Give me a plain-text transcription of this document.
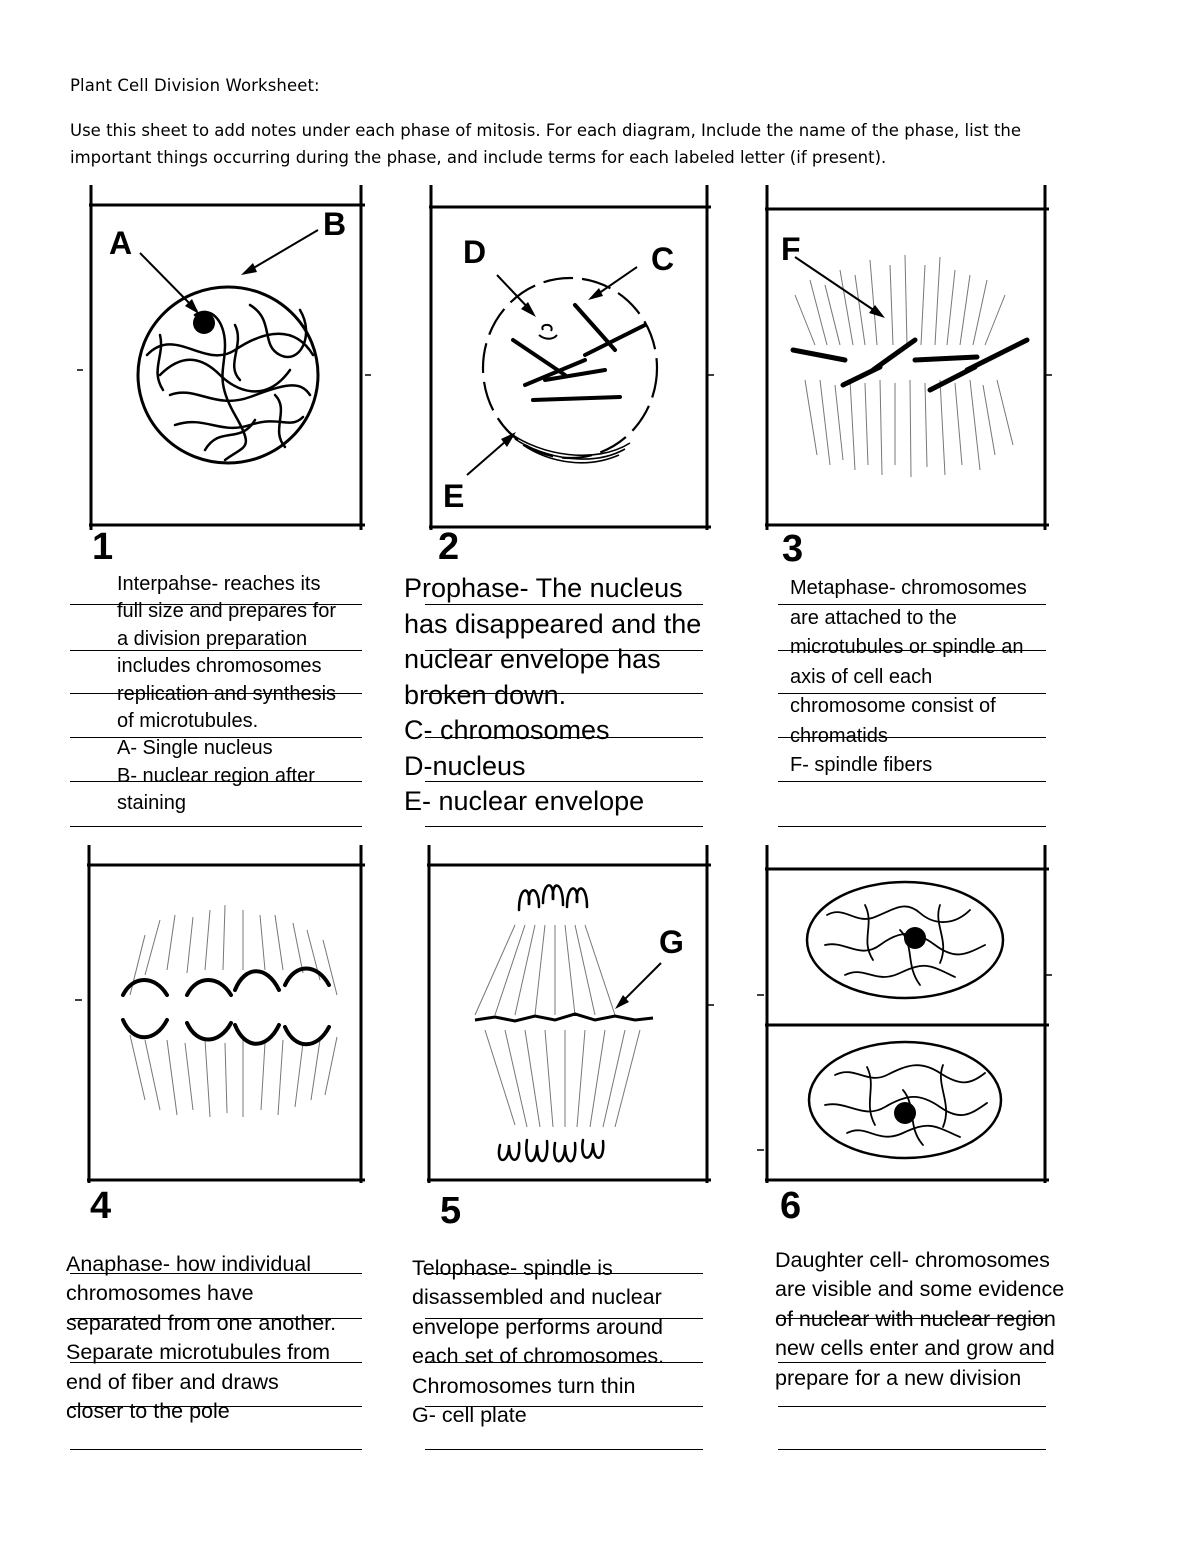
Plant Cell Division Worksheet:
Use this sheet to add notes under each phase of mitosis. For each diagram, Include the name of the phase, list the
important things occurring during the phase, and include terms for each labeled letter (if present).
A
B
1
D	C
E
2
F
3
4
G
5	6
Interpahse- reaches its
full size and prepares for
a division preparation
includes chromosomes
replication and synthesis
of microtubules.
A- Single nucleus
B- nuclear region after
staining
Prophase- The nucleus
has disappeared and the
nuclear envelope has
broken down.
C- chromosomes
D-nucleus
E- nuclear envelope
Metaphase- chromosomes
are attached to the
microtubules or spindle an
axis of cell each
chromosome consist of
chromatids
F- spindle fibers
Anaphase- how individual
chromosomes have
separated from one another.
Separate microtubules from
end of fiber and draws
closer to the pole
Telophase- spindle is
disassembled and nuclear
envelope performs around
each set of chromosomes.
Chromosomes turn thin
G- cell plate
Daughter cell- chromosomes
are visible and some evidence
of nuclear with nuclear region
new cells enter and grow and
prepare for a new division
